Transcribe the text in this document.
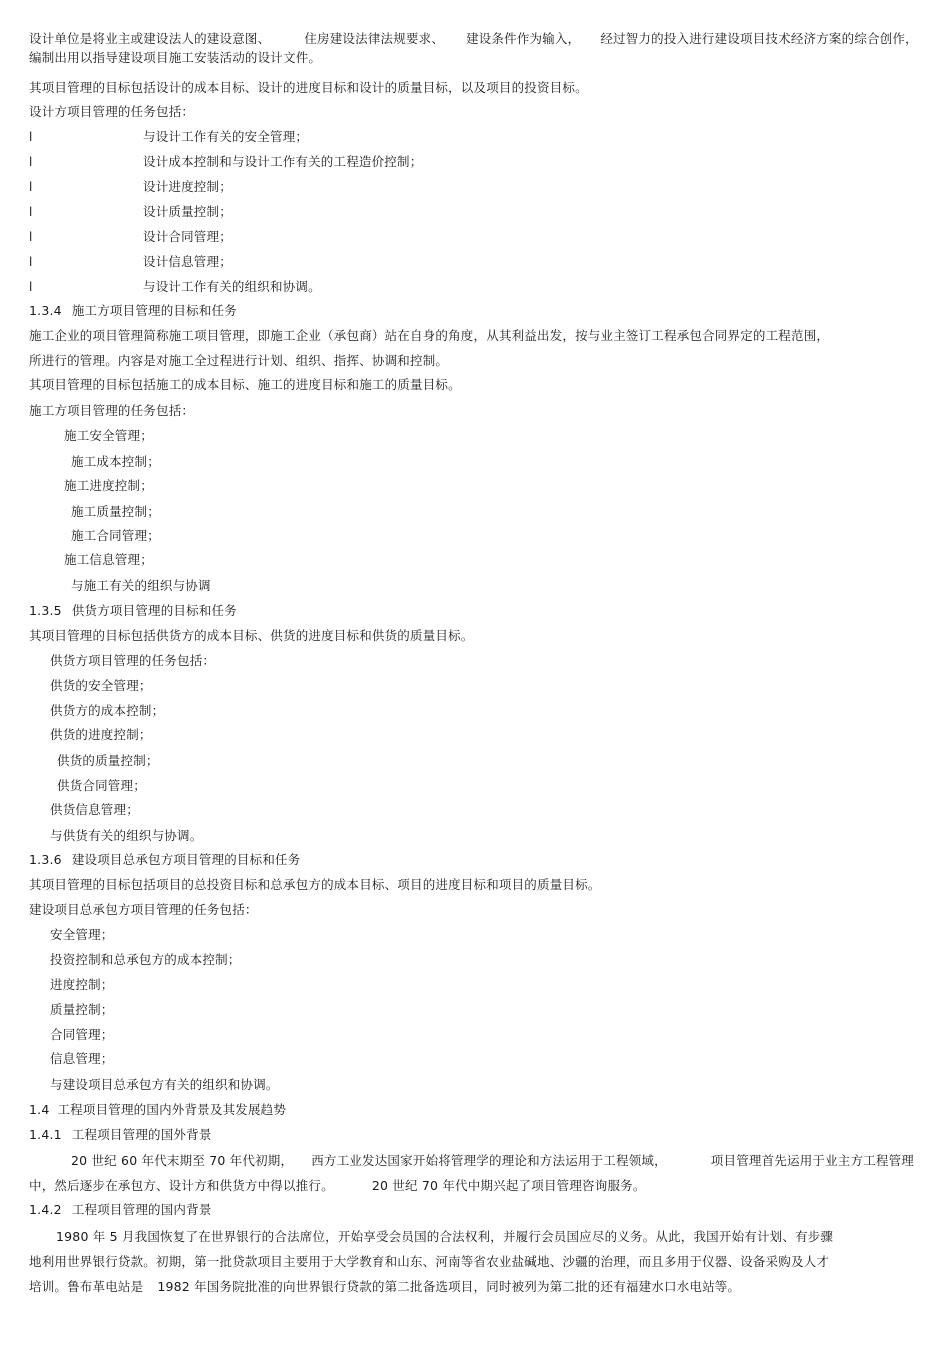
设计单位是将业主或建设法人的建设意图、	住房建设法律法规要求、 建设条件作为输入， 经过智力的投入进行建设项目技术经济方案的综合创作，
编制出用以指导建设项目施工安装活动的设计文件。
其项目管理的目标包括设计的成本目标、设计的进度目标和设计的质量目标，以及项目的投资目标。
设计方项目管理的任务包括：
l	与设计工作有关的安全管理；
l	设计成本控制和与设计工作有关的工程造价控制；
l	设计进度控制；
l	设计质量控制；
l	设计合同管理；
l	设计信息管理；
l	与设计工作有关的组织和协调。
1.3.4 施工方项目管理的目标和任务
施工企业的项目管理简称施工项目管理，即施工企业（承包商）站在自身的角度，从其利益出发，按与业主签订工程承包合同界定的工程范围，
所进行的管理。内容是对施工全过程进行计划、组织、指挥、协调和控制。
其项目管理的目标包括施工的成本目标、施工的进度目标和施工的质量目标。
施工方项目管理的任务包括：
施工安全管理；
施工成本控制；
施工进度控制；
施工质量控制；
施工合同管理；
施工信息管理；
与施工有关的组织与协调
1.3.5 供货方项目管理的目标和任务
其项目管理的目标包括供货方的成本目标、供货的进度目标和供货的质量目标。
供货方项目管理的任务包括：
供货的安全管理；
供货方的成本控制；
供货的进度控制；
供货的质量控制；
供货合同管理；
供货信息管理；
与供货有关的组织与协调。
1.3.6 建设项目总承包方项目管理的目标和任务
其项目管理的目标包括项目的总投资目标和总承包方的成本目标、项目的进度目标和项目的质量目标。
建设项目总承包方项目管理的任务包括：
安全管理；
投资控制和总承包方的成本控制；
进度控制；
质量控制；
合同管理；
信息管理；
与建设项目总承包方有关的组织和协调。
1.4 工程项目管理的国内外背景及其发展趋势
1.4.1 工程项目管理的国外背景
20 世纪 60 年代末期至 70 年代初期， 西方工业发达国家开始将管理学的理论和方法运用于工程领域，	项目管理首先运用于业主方工程管理
中，然后逐步在承包方、设计方和供货方中得以推行。	20 世纪 70 年代中期兴起了项目管理咨询服务。
1.4.2 工程项目管理的国内背景
1980 年 5 月我国恢复了在世界银行的合法席位，开始享受会员国的合法权利，并履行会员国应尽的义务。从此，我国开始有计划、有步骤
地利用世界银行贷款。初期，第一批贷款项目主要用于大学教育和山东、河南等省农业盐碱地、沙疆的治理，而且多用于仪器、设备采购及人才
培训。鲁布革电站是 1982 年国务院批准的向世界银行贷款的第二批备选项目，同时被列为第二批的还有福建水口水电站等。
